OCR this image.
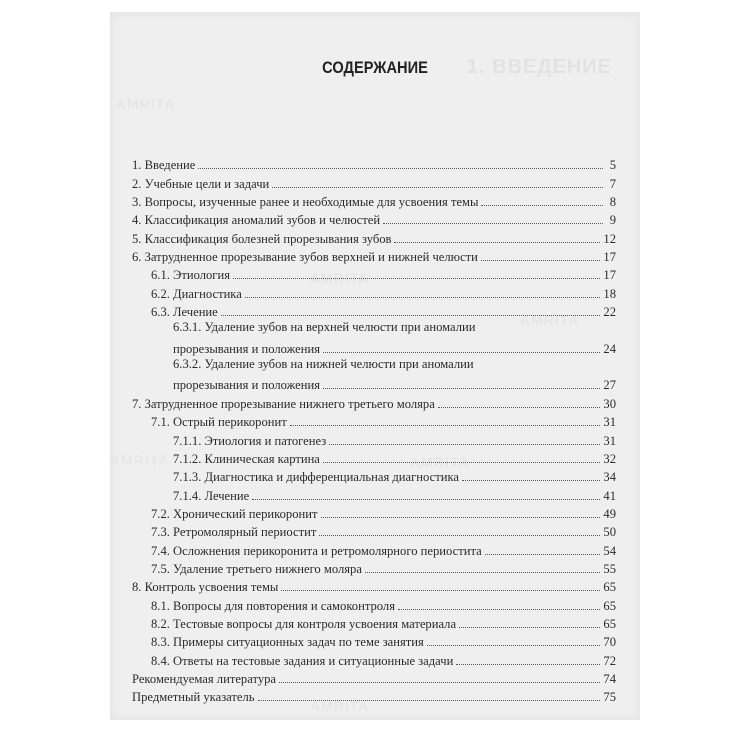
1. ВВЕДЕНИЕ
AMRITA
AMRITA
AMRITA
AMRITA
AMRITA
AMRITA
СОДЕРЖАНИЕ
1. Введение	5
2. Учебные цели и задачи	7
3. Вопросы, изученные ранее и необходимые для усвоения темы	8
4. Классификация аномалий зубов и челюстей	9
5. Классификация болезней прорезывания зубов	12
6. Затрудненное прорезывание зубов верхней и нижней челюсти	17
6.1. Этиология	17
6.2. Диагностика	18
6.3. Лечение	22
6.3.1. Удаление зубов на верхней челюсти при аномалии
прорезывания и положения	24
6.3.2. Удаление зубов на нижней челюсти при аномалии
прорезывания и положения	27
7. Затрудненное прорезывание нижнего третьего моляра	30
7.1. Острый перикоронит	31
7.1.1. Этиология и патогенез	31
7.1.2. Клиническая картина	32
7.1.3. Диагностика и дифференциальная диагностика	34
7.1.4. Лечение	41
7.2. Хронический перикоронит	49
7.3. Ретромолярный периостит	50
7.4. Осложнения перикоронита и ретромолярного периостита	54
7.5. Удаление третьего нижнего моляра	55
8. Контроль усвоения темы	65
8.1. Вопросы для повторения и самоконтроля	65
8.2. Тестовые вопросы для контроля усвоения материала	65
8.3. Примеры ситуационных задач по теме занятия	70
8.4. Ответы на тестовые задания и ситуационные задачи	72
Рекомендуемая литература	74
Предметный указатель	75
